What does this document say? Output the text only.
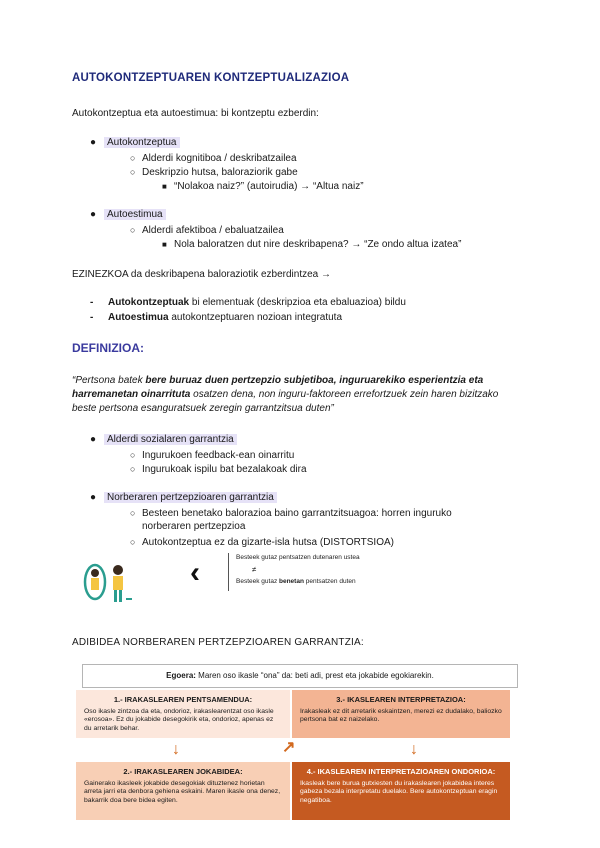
AUTOKONTZEPTUAREN KONTZEPTUALIZAZIOA
Autokontzeptua eta autoestimua: bi kontzeptu ezberdin:
● Autokontzeptua
○ Alderdi kognitiboa / deskribatzailea
○ Deskripzio hutsa, baloraziorik gabe
■ “Nolakoa naiz?” (autoirudia) → “Altua naiz”
● Autoestimua
○ Alderdi afektiboa / ebaluatzailea
■ Nola baloratzen dut nire deskribapena? → “Ze ondo altua izatea”
EZINEZKOA da deskribapena baloraziotik ezberdintzea →
- Autokontzeptuak bi elementuak (deskripzioa eta ebaluazioa) bildu
- Autoestimua autokontzeptuaren nozioan integratuta
DEFINIZIOA:
“Pertsona batek bere buruaz duen pertzepzio subjetiboa, inguruarekiko esperientzia eta harremanetan oinarrituta osatzen dena, non inguru-faktoreen errefortzuek zein haren bizitzako beste pertsona esanguratsuek zeregin garrantzitsua duten”
● Alderdi sozialaren garrantzia
○ Ingurukoen feedback-ean oinarritu
○ Ingurukoak ispilu bat bezalakoak dira
● Norberaren pertzepzioaren garrantzia
○ Besteen benetako balorazioa baino garrantzitsuagoa: horren inguruko
norberaren pertzepzioa
○ Autokontzeptua ez da gizarte-isla hutsa (DISTORTSIOA)
‹	Besteek gutaz pentsatzen dutenaren ustea
≠
Besteek gutaz benetan pentsatzen duten
ADIBIDEA NORBERAREN PERTZEPZIOAREN GARRANTZIA:
Egoera: Maren oso ikasle “ona” da: beti adi, prest eta jokabide egokiarekin.
1.- IRAKASLEAREN PENTSAMENDUA:
Oso ikasle zintzoa da eta, ondorioz, irakaslearentzat oso ikasle «erosoa». Ez du jokabide desegokirik eta, ondorioz, apenas ez du arretarik behar.
3.- IKASLEAREN INTERPRETAZIOA:
Irakasleak ez dit arretarik eskaintzen, merezi ez dudalako, baliozko pertsona bat ez naizelako.
2.- IRAKASLEAREN JOKABIDEA:
Gainerako ikasleek jokabide desegokiak dituztenez horietan arreta jarri eta denbora gehiena eskaini. Maren ikasle ona denez, bakarrik doa bere bidea egiten.
4.- IKASLEAREN INTERPRETAZIOAREN ONDORIOA:
Ikasleak bere burua gutxiesten du irakaslearen jokabidea interes gabeza bezala interpretatu duelako. Bere autokontzeptuan eragin negatiboa.
↓	↗	↓
